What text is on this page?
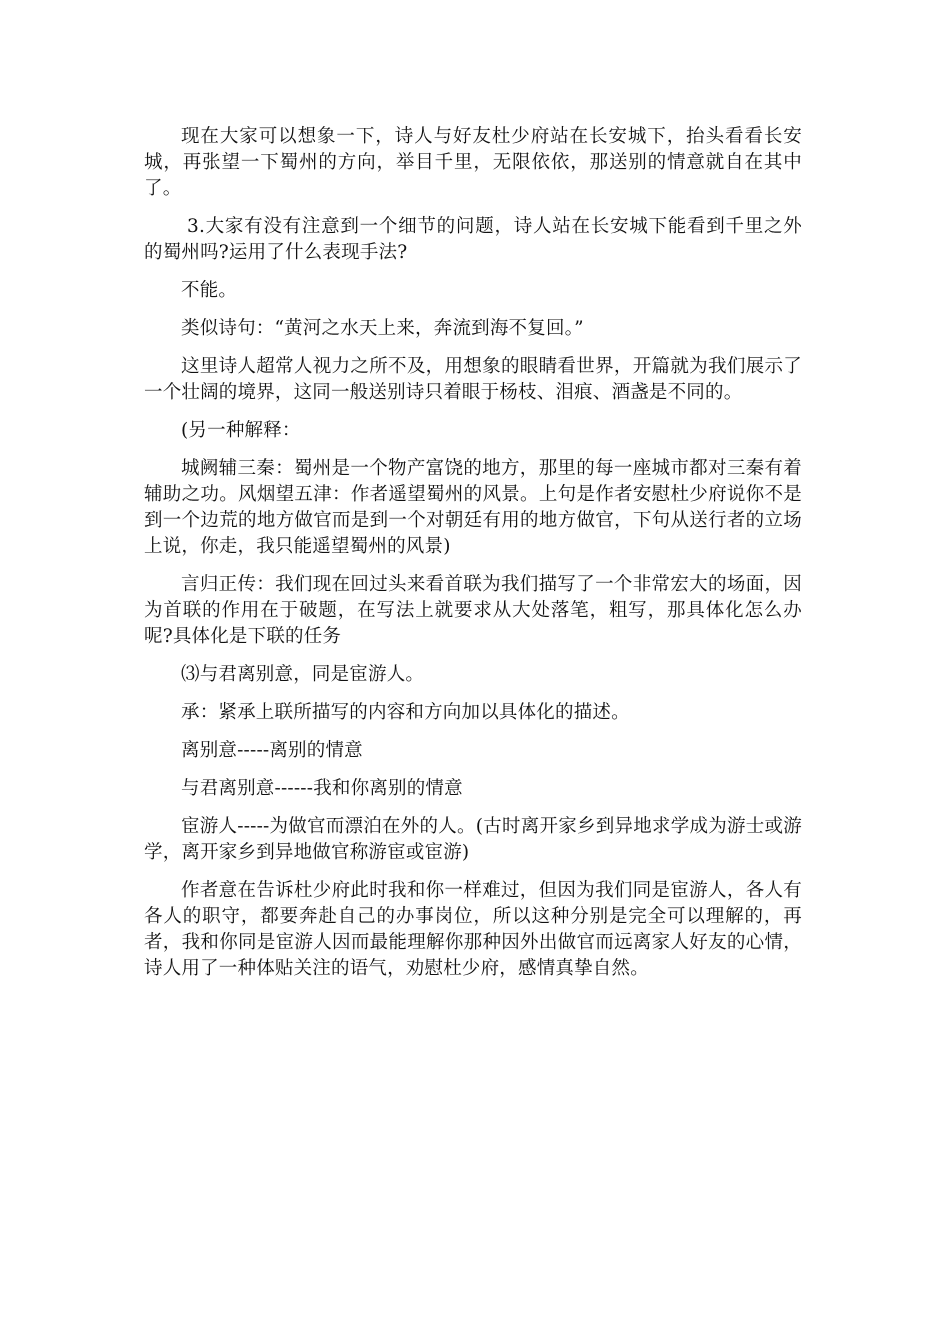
现在大家可以想象一下，诗人与好友杜少府站在长安城下，抬头看看长安城，再张望一下蜀州的方向，举目千里，无限依依，那送别的情意就自在其中了。

3.大家有没有注意到一个细节的问题，诗人站在长安城下能看到千里之外的蜀州吗?运用了什么表现手法?

不能。

类似诗句：“黄河之水天上来，奔流到海不复回。”

这里诗人超常人视力之所不及，用想象的眼睛看世界，开篇就为我们展示了一个壮阔的境界，这同一般送别诗只着眼于杨枝、泪痕、酒盏是不同的。

(另一种解释：

城阙辅三秦：蜀州是一个物产富饶的地方，那里的每一座城市都对三秦有着辅助之功。风烟望五津：作者遥望蜀州的风景。上句是作者安慰杜少府说你不是到一个边荒的地方做官而是到一个对朝廷有用的地方做官，下句从送行者的立场上说，你走，我只能遥望蜀州的风景)

言归正传：我们现在回过头来看首联为我们描写了一个非常宏大的场面，因为首联的作用在于破题，在写法上就要求从大处落笔，粗写，那具体化怎么办呢?具体化是下联的任务

⑶与君离别意，同是宦游人。

承：紧承上联所描写的内容和方向加以具体化的描述。

离别意-----离别的情意

与君离别意------我和你离别的情意

宦游人-----为做官而漂泊在外的人。(古时离开家乡到异地求学成为游士或游学，离开家乡到异地做官称游宦或宦游)

作者意在告诉杜少府此时我和你一样难过，但因为我们同是宦游人，各人有各人的职守，都要奔赴自己的办事岗位，所以这种分别是完全可以理解的，再者，我和你同是宦游人因而最能理解你那种因外出做官而远离家人好友的心情，诗人用了一种体贴关注的语气，劝慰杜少府，感情真挚自然。
